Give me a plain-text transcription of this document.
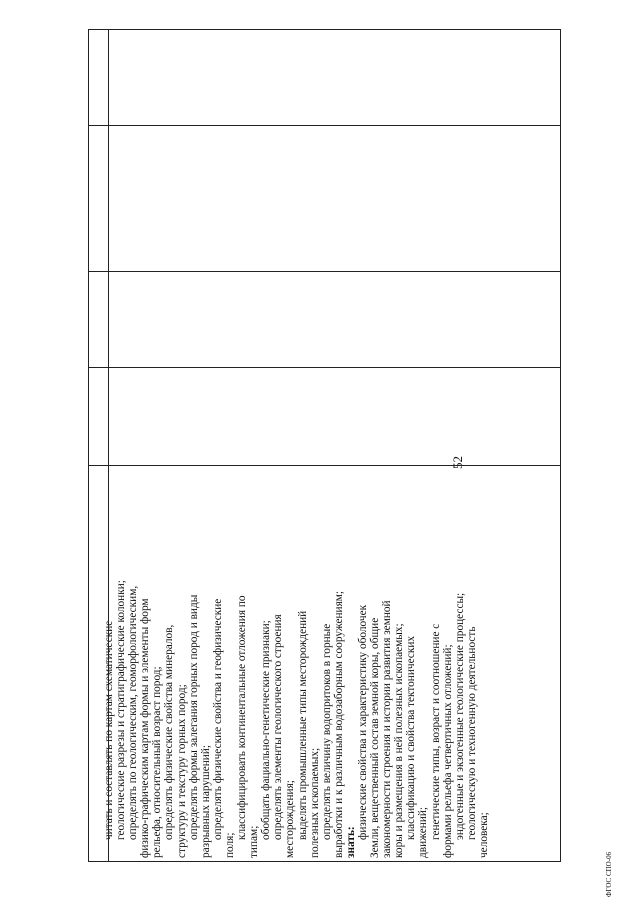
52
читать и составлять по картам схематические геологические разрезы и стратиграфические колонки; определять по геологическим, геоморфологическим, физико-графическим картам формы и элементы форм рельефа, относительный возраст пород; определять физические свойства минералов, структуру и текстуру горных пород; определять формы залегания горных пород и виды разрывных нарушений; определять физические свойства и геофизические
поля;
классифицировать континентальные отложения по
типам;
обобщать фациально-генетические признаки; определять элементы геологического строения месторождения; выделять промышленные типы месторождений полезных ископаемых; определять величину водопритоков в горные выработки и к различным водозаборным сооружениям; знать:
физические свойства и характеристику оболочек Земли, вещественный состав земной коры, общие закономерности строения и истории развития земной коры и размещения в ней полезных ископаемых; классификацию и свойства тектонических движений; генетические типы, возраст и соотношение с формами рельефа четвертичных отложений; эндогенные и экзогенные геологические процессы; геологическую и техногенную деятельность человека;
ФГОС СПО-06
